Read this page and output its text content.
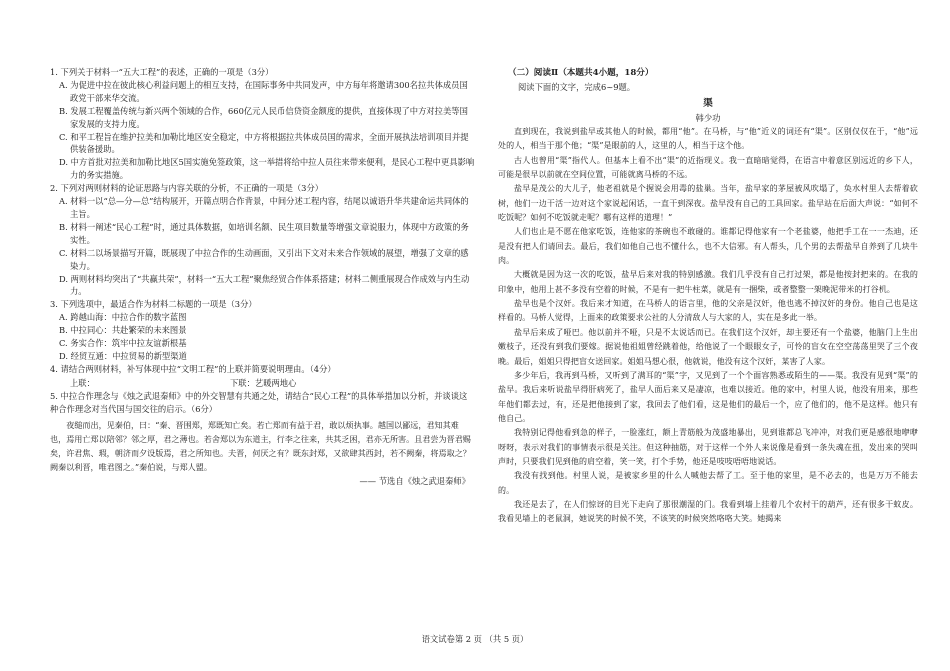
1. 下列关于材料一“五大工程”的表述，正确的一项是（3分）

A. 为促进中拉在彼此核心利益问题上的相互支持，在国际事务中共同发声，中方每年将邀请300名拉共体成员国政党干部来华交流。

B. 发展工程覆盖传统与新兴两个领域的合作，660亿元人民币信贷资金额度的提供，直接体现了中方对拉美等国家发展的支持力度。

C. 和平工程旨在维护拉美和加勒比地区安全稳定，中方将根据拉共体成员国的需求，全面开展执法培训项目并提供装备援助。

D. 中方首批对拉美和加勒比地区5国实施免签政策，这一举措将给中拉人员往来带来便利，是民心工程中更具影响力的务实措施。

2. 下列对两则材料的论证思路与内容关联的分析，不正确的一项是（3分）

A. 材料一以“总—分—总”结构展开，开篇点明合作背景，中间分述工程内容，结尾以诚语升华共建命运共同体的主旨。

B. 材料一阐述“民心工程”时，通过具体数据，如培训名额、民生项目数量等增强文章说服力，体现中方政策的务实性。

C. 材料二以场景描写开篇，既展现了中拉合作的生动画面，又引出下文对未来合作领域的展望，增强了文章的感染力。

D. 两则材料均突出了“共赢共荣”，材料一“五大工程”聚焦经贸合作体系搭建；材料二侧重展现合作成效与内生动力。

3. 下列选项中，最适合作为材料二标题的一项是（3分）

A. 跨越山海：中拉合作的数字蓝图

B. 中拉同心：共赴繁荣的未来图景

C. 务实合作：筑牢中拉友谊新根基

D. 经贸互通：中拉贸易的新型渠道

4. 请结合两则材料，补写体现中拉“文明工程”的上联并简要说明理由。（4分）

上联：	下联：艺暖两地心

5. 中拉合作理念与《烛之武退秦师》中的外交智慧有共通之处，请结合“民心工程”的具体举措加以分析，并谈谈这种合作理念对当代国与国交往的启示。（6分）

夜缒而出，见秦伯，曰：“秦、晋围郑，郑既知亡矣。若亡郑而有益于君，敢以烦执事。越国以鄙远，君知其难也，焉用亡郑以陪邻？邻之厚，君之薄也。若舍郑以为东道主，行李之往来，共其乏困，君亦无所害。且君尝为晋君赐矣，许君焦、瑕，朝济而夕设版焉，君之所知也。夫晋，何厌之有？既东封郑，又欲肆其西封，若不阙秦，将焉取之？阙秦以利晋，唯君图之。”秦伯说，与郑人盟。

—— 节选自《烛之武退秦师》

（二）阅读Ⅱ（本题共4小题，18分）

阅读下面的文字，完成6~9题。

渠

韩少功

直到现在，我说到盐早或其他人的时候，都用“他”。在马桥，与“他”近义的词还有“渠”。区别仅仅在于，“他”远处的人，相当于那个他；“渠”是眼前的人，这里的人，相当于这个他。

古人也曾用“渠”指代人。但基本上看不出“渠”的近指现义。我一直暗暗觉得，在语言中着意区别远近的乡下人，可能是很早以前就在空间位置，可能就离马桥的不远。

盐早是茂公的大儿子，他老祖就是个握说会用毒的盐巢。当年，盐早家的茅屋被风吹塌了，奂水村里人去帮着砍树，他们一边干活一边对这个家说起闲话，一直干到深夜。盐早没有自己的工具回家。盐早站在后面大声说：“如何不吃饭呢？如何不吃饭就走呢？哪有这样的道理！”

人们也止是不愿在他家吃饭，连他家的茶碗也不敢碰的。谁都记得他家有一个老盐婆，他把手工在一一杰迪，还是没有把人们请回去。最后，我们如他自己也不懂什么，也不大信邪。有人帮头，几个男的去帮盐早自养到了几块牛肉。

大概就是因为这一次的吃饭，盐早后来对我的特别感激。我们几乎没有自己打过架，都是他按封把来的。在我的印象中，他用上甚不多没有空着的时候，不是有一把牛柱菜，就是有一捆柴，或者整整一架晚泥带米的打谷机。

盐早也是个汉奸。我后来才知道，在马桥人的语言里，他的父亲是汉奸，他也逃不掉汉奸的身份。他自己也是这样看的。马桥人觉得，上面来的政策要求公社的人分清敌人与大家的人，实在是多此一举。

盐早后来成了哑巴。他以前并不哑，只是不太说话而已。在我们这个汉奸，却主要还有一个盐婆，他脑门上生出嫩枝子，还没有到我们要嫁。据说他祖姐曾经跳着他，给他说了一个眼眼女子，可怜的盲女在空空荡荡里哭了三个夜晚。最后，姐姐只得把盲女送回家。姐姐马想心很，他就说，他没有这个汉奸，某害了人家。

多少年后，我再到马桥，又听到了满耳的“渠”字，又见到了一个个面容熟悉或陌生的——渠。我没有见到“渠”的盐早。我后来听说盐早得肝病死了，盐早人面后来又是凄凉，也难以接近。他的家中，村里人说，他没有用来，那些年他们都去过，有，还是把他接到了家，我回去了他们看，这是他们的最后一个，应了他们的，他不是这样。他只有他自己。

我特别记得他看到急的样子，一脸涨红，额上青筋般为茂盛地暴出，见到谁都总飞冲冲，对我们更是感很地咿咿呀呀，表示对我们的事情表示很是关注。但这种抽筋，对于这样一个外人来说像是看到一条失魂在扭，发出来的哭叫声时，只要我们见到他的肩空着，笑一笑，打个手势，他还是吱吱唔唔地说话。

我没有找到他。村里人说，是被家乡里的什么人喊他去帮了工。至于他的家里，是不必去的，也是万万不能去的。

我还是去了，在人们惊讶的目光下走向了那很潮湿的门。我看到墙上挂着几个农村干的葫芦，还有很多干蚊皮。我看见墙上的老鼠洞，她说笑的时候不笑，不该笑的时候突然咯咯大笑。她揭来

语文试卷第 2 页 （共 5 页）
